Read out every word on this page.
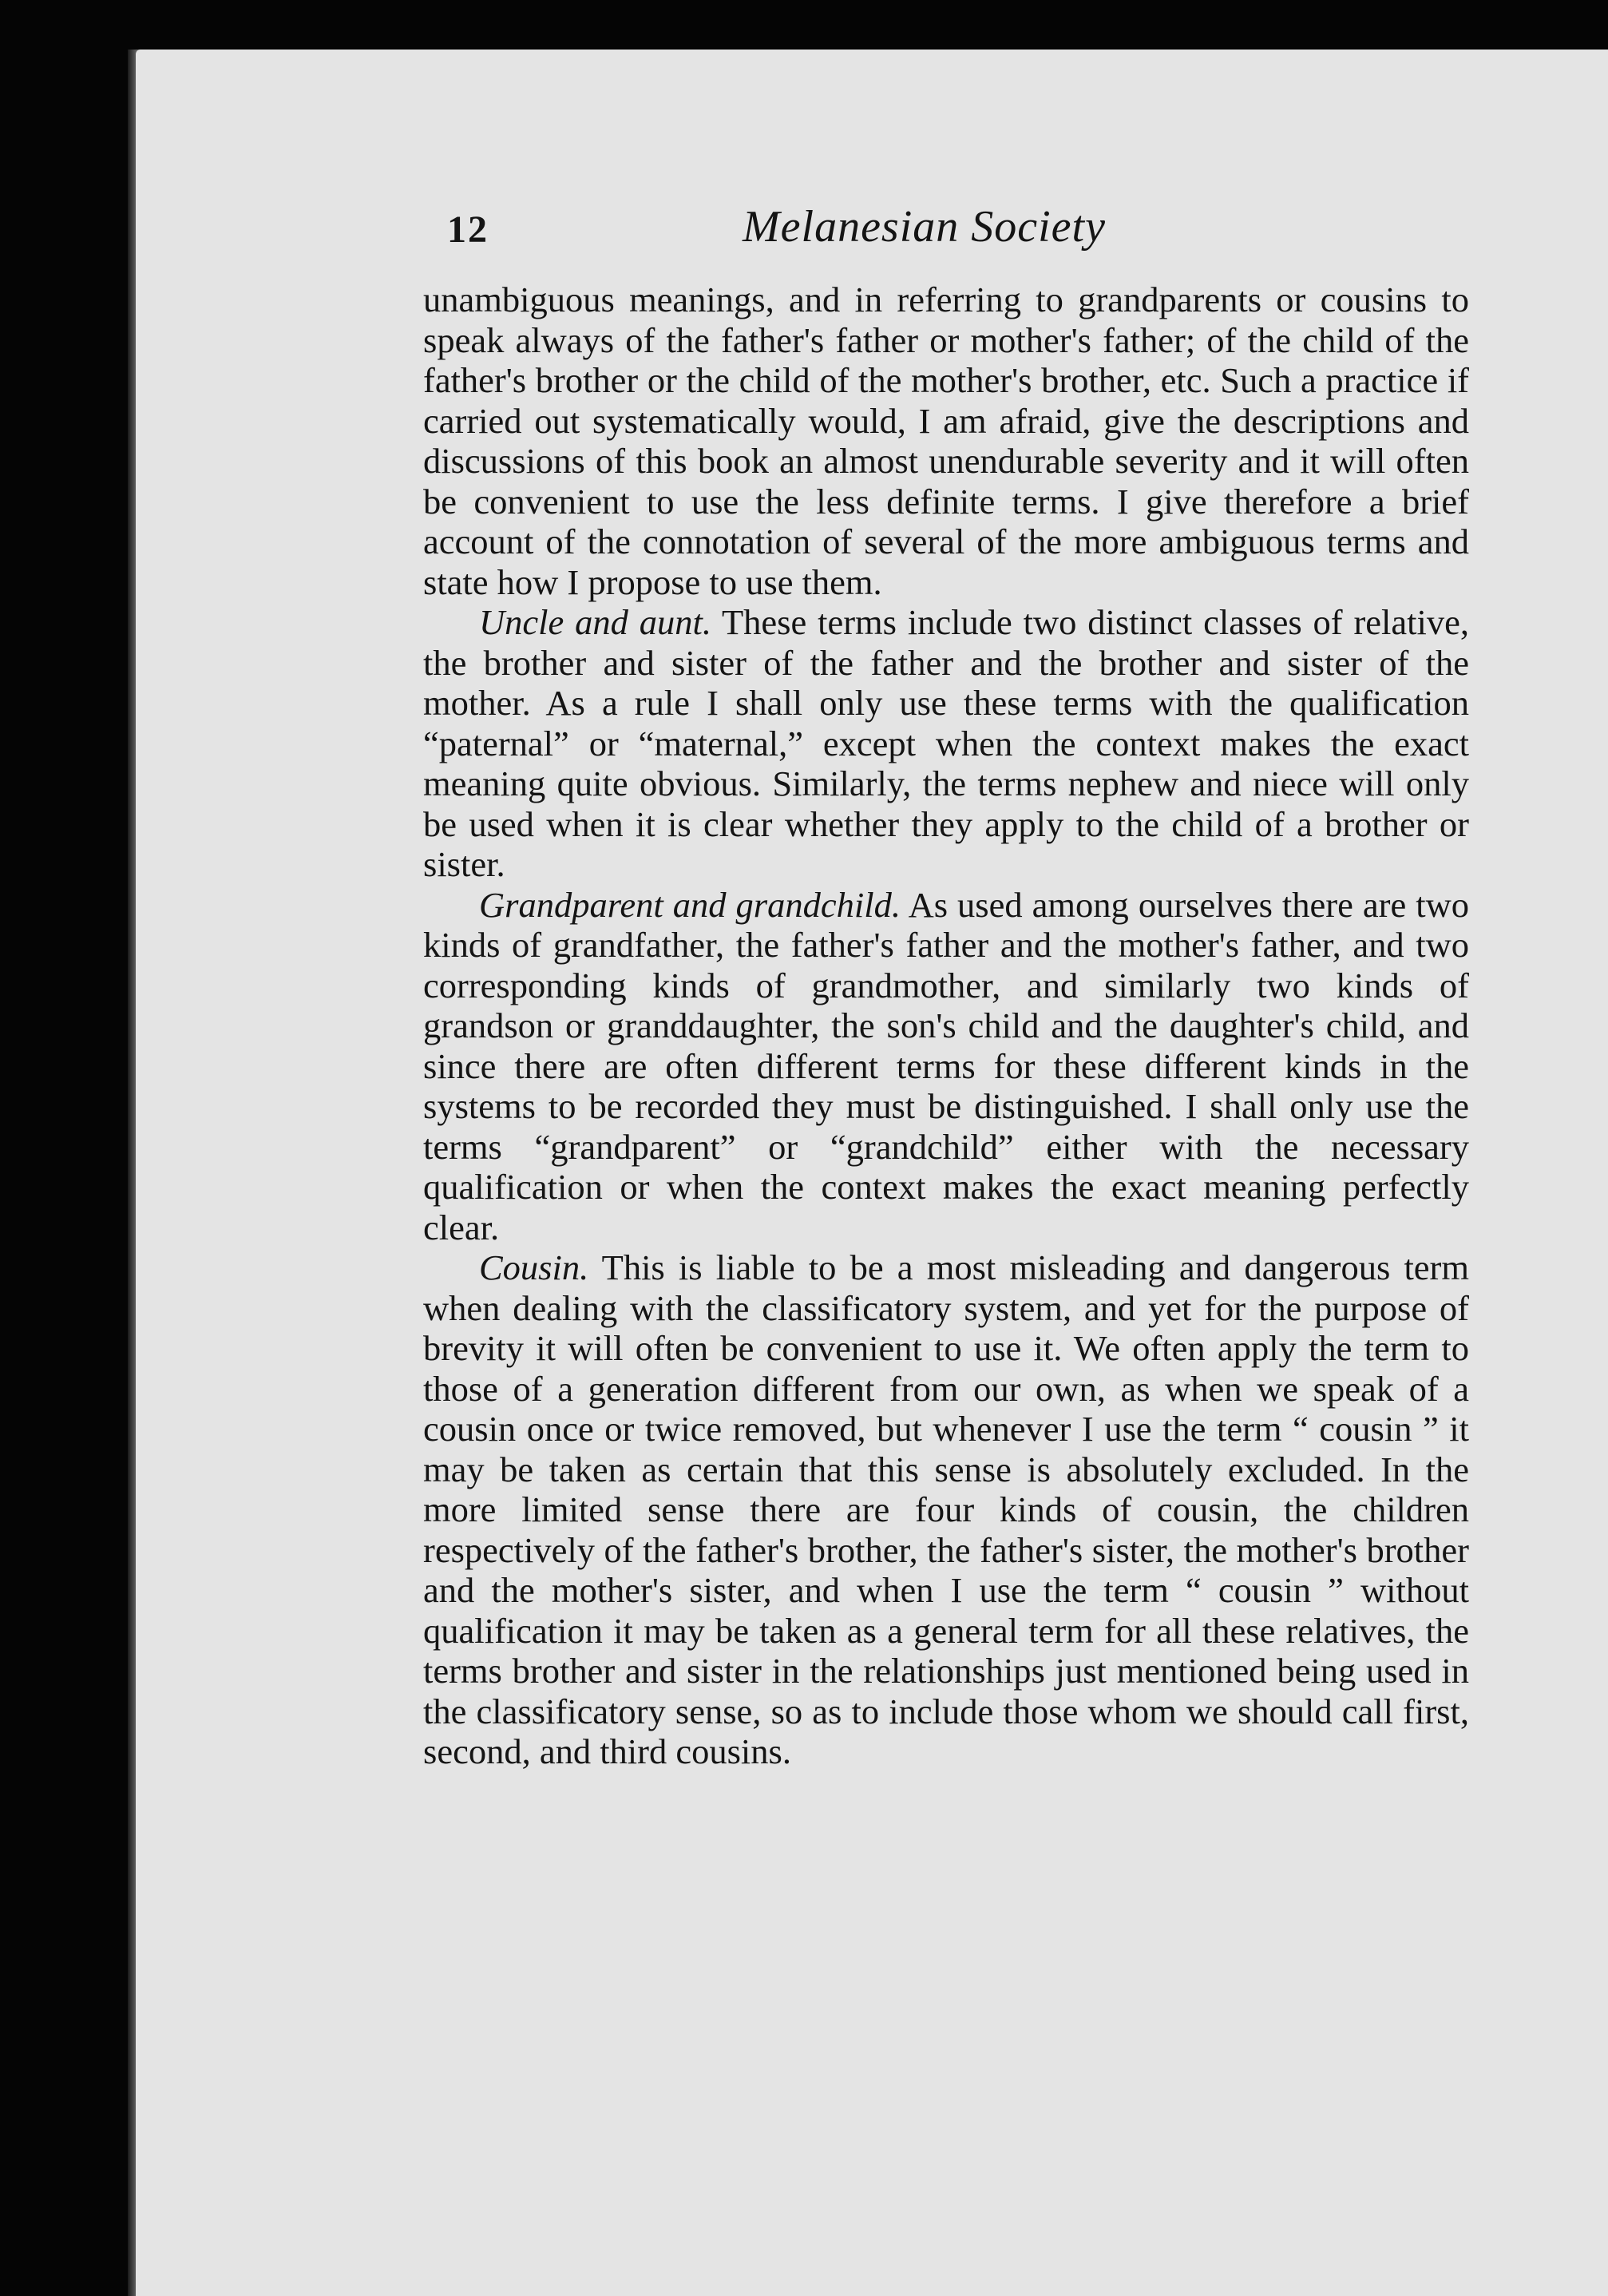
12	Melanesian Society

unambiguous meanings, and in referring to grandparents or cousins to speak always of the father's father or mother's father; of the child of the father's brother or the child of the mother's brother, etc. Such a practice if carried out systematically would, I am afraid, give the descriptions and discussions of this book an almost unendurable severity and it will often be convenient to use the less definite terms. I give therefore a brief account of the connotation of several of the more ambiguous terms and state how I propose to use them.

Uncle and aunt. These terms include two distinct classes of relative, the brother and sister of the father and the brother and sister of the mother. As a rule I shall only use these terms with the qualification “paternal” or “maternal,” except when the context makes the exact meaning quite obvious. Similarly, the terms nephew and niece will only be used when it is clear whether they apply to the child of a brother or sister.

Grandparent and grandchild. As used among ourselves there are two kinds of grandfather, the father's father and the mother's father, and two corresponding kinds of grandmother, and similarly two kinds of grandson or granddaughter, the son's child and the daughter's child, and since there are often different terms for these different kinds in the systems to be recorded they must be distinguished. I shall only use the terms “grandparent” or “grandchild” either with the necessary qualification or when the context makes the exact meaning perfectly clear.

Cousin. This is liable to be a most misleading and dangerous term when dealing with the classificatory system, and yet for the purpose of brevity it will often be convenient to use it. We often apply the term to those of a generation different from our own, as when we speak of a cousin once or twice removed, but whenever I use the term “ cousin ” it may be taken as certain that this sense is absolutely excluded. In the more limited sense there are four kinds of cousin, the children respectively of the father's brother, the father's sister, the mother's brother and the mother's sister, and when I use the term “ cousin ” without qualification it may be taken as a general term for all these relatives, the terms brother and sister in the relationships just mentioned being used in the classificatory sense, so as to include those whom we should call first, second, and third cousins.
